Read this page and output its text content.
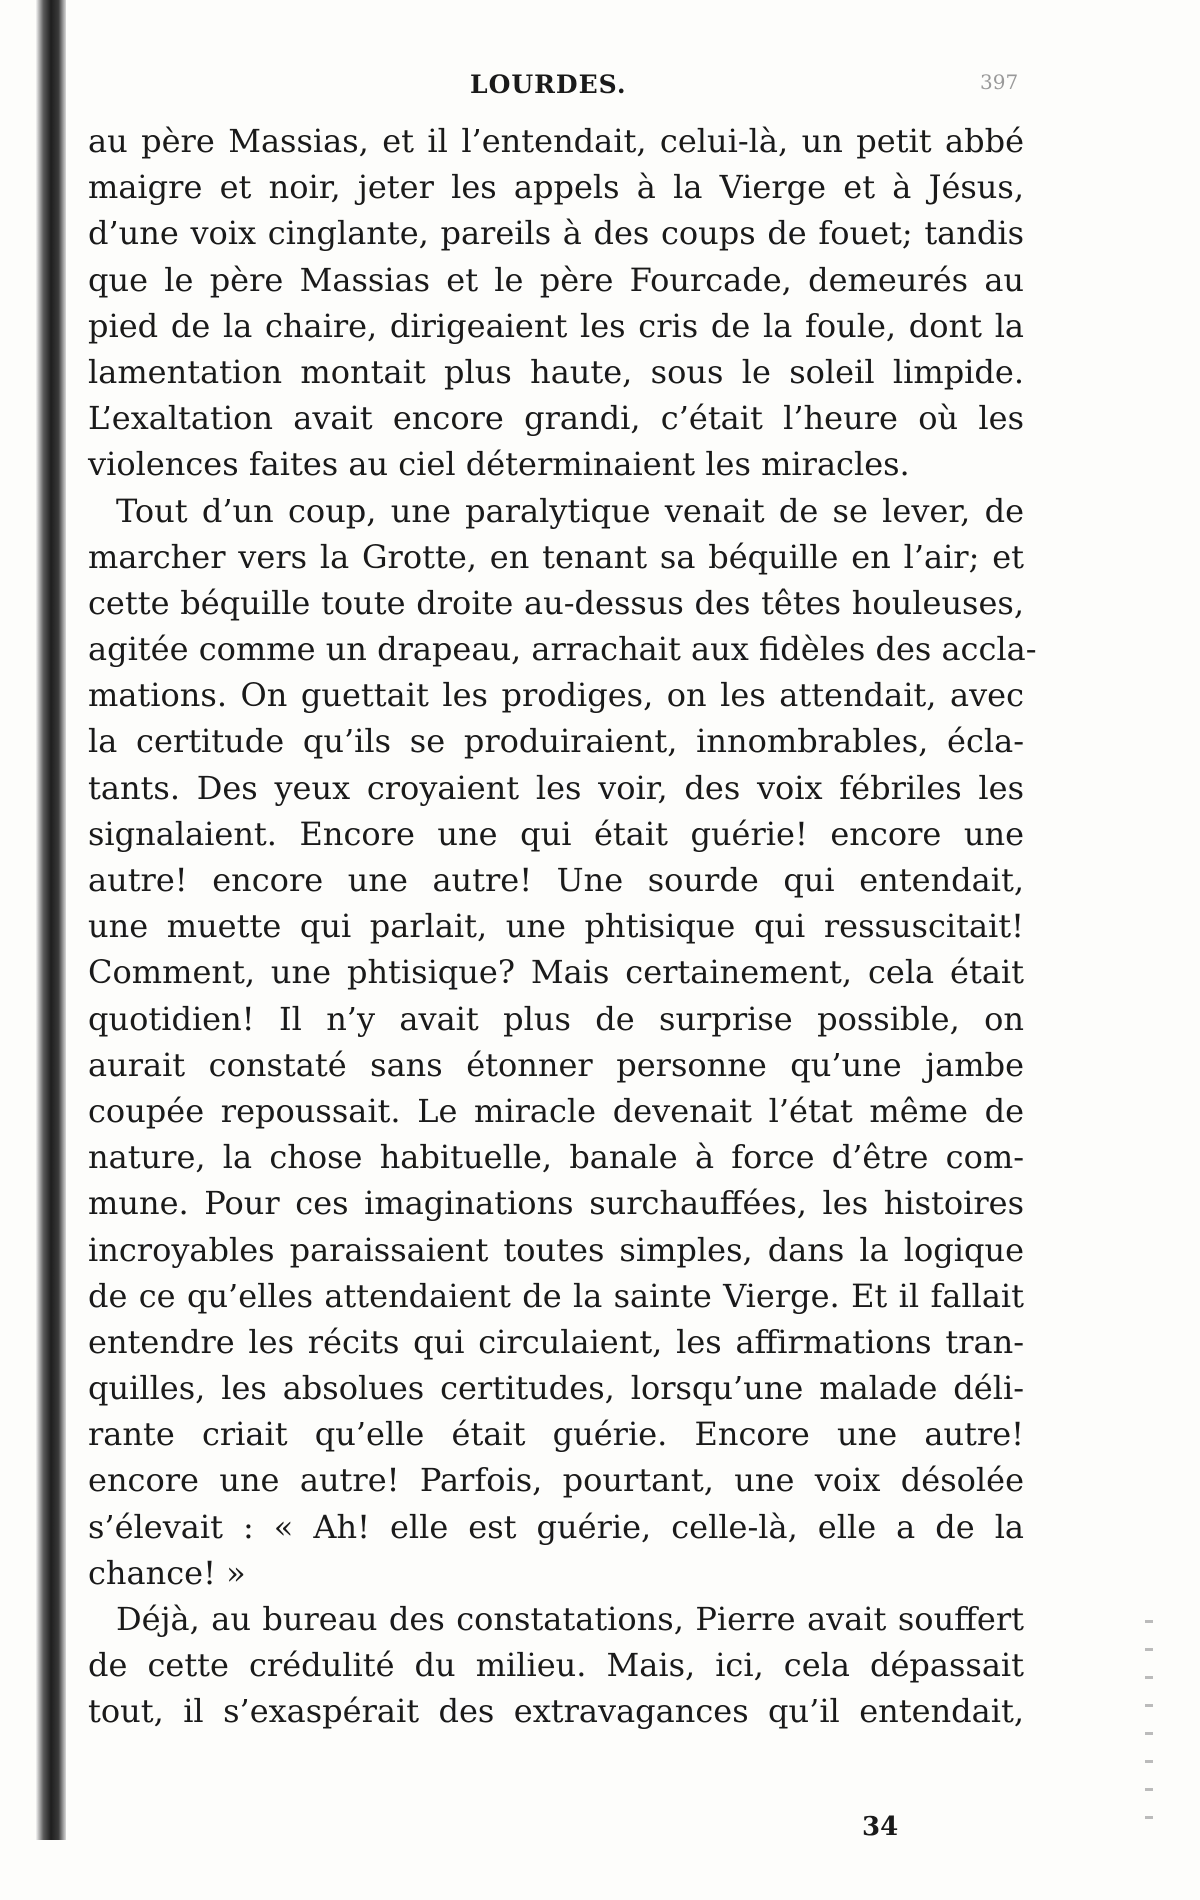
LOURDES.	397
au père Massias, et il l’entendait, celui-là, un petit abbé
maigre et noir, jeter les appels à la Vierge et à Jésus,
d’une voix cinglante, pareils à des coups de fouet; tandis
que le père Massias et le père Fourcade, demeurés au
pied de la chaire, dirigeaient les cris de la foule, dont la
lamentation montait plus haute, sous le soleil limpide.
L’exaltation avait encore grandi, c’était l’heure où les
violences faites au ciel déterminaient les miracles.
Tout d’un coup, une paralytique venait de se lever, de
marcher vers la Grotte, en tenant sa béquille en l’air; et
cette béquille toute droite au-dessus des têtes houleuses,
agitée comme un drapeau, arrachait aux fidèles des accla-
mations. On guettait les prodiges, on les attendait, avec
la certitude qu’ils se produiraient, innombrables, écla-
tants. Des yeux croyaient les voir, des voix fébriles les
signalaient. Encore une qui était guérie! encore une
autre! encore une autre! Une sourde qui entendait,
une muette qui parlait, une phtisique qui ressuscitait!
Comment, une phtisique? Mais certainement, cela était
quotidien! Il n’y avait plus de surprise possible, on
aurait constaté sans étonner personne qu’une jambe
coupée repoussait. Le miracle devenait l’état même de
nature, la chose habituelle, banale à force d’être com-
mune. Pour ces imaginations surchauffées, les histoires
incroyables paraissaient toutes simples, dans la logique
de ce qu’elles attendaient de la sainte Vierge. Et il fallait
entendre les récits qui circulaient, les affirmations tran-
quilles, les absolues certitudes, lorsqu’une malade déli-
rante criait qu’elle était guérie. Encore une autre!
encore une autre! Parfois, pourtant, une voix désolée
s’élevait : « Ah! elle est guérie, celle-là, elle a de la
chance! »
Déjà, au bureau des constatations, Pierre avait souffert
de cette crédulité du milieu. Mais, ici, cela dépassait
tout, il s’exaspérait des extravagances qu’il entendait,
34
